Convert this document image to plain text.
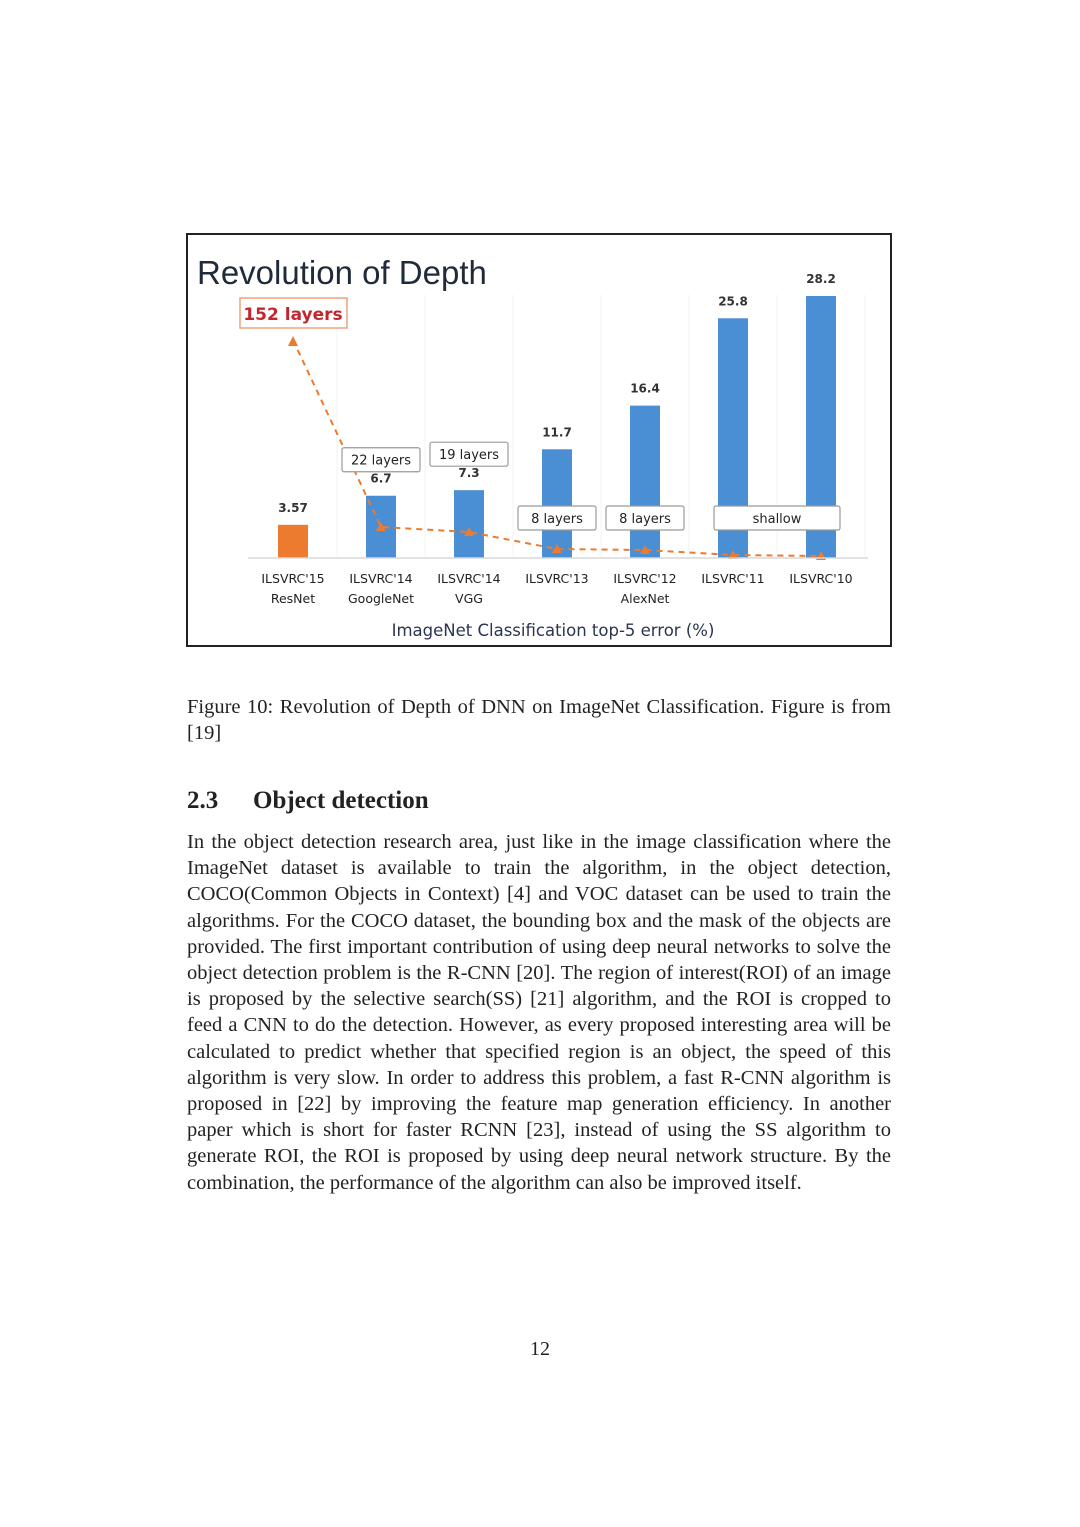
Revolution of Depth
3.57
ILSVRC'15
ResNet
6.7
ILSVRC'14
GoogleNet
7.3
ILSVRC'14
VGG
11.7
ILSVRC'13
16.4
ILSVRC'12
AlexNet
25.8
ILSVRC'11
28.2
ILSVRC'10
22 layers 19 layers
8 layers	8 layers	shallow
152 layers
ImageNet Classification top-5 error (%)

Figure 10: Revolution of Depth of DNN on ImageNet Classification. Figure is from [19]

2.3 Object detection

In the object detection research area, just like in the image classification where the ImageNet dataset is available to train the algorithm, in the object detection, COCO(Common Objects in Context) [4] and VOC dataset can be used to train the algorithms. For the COCO dataset, the bounding box and the mask of the objects are provided. The first important contribution of using deep neural networks to solve the object detection problem is the R-CNN [20]. The region of interest(ROI) of an image is proposed by the selective search(SS) [21] algorithm, and the ROI is cropped to feed a CNN to do the detection. However, as every proposed interesting area will be calculated to predict whether that specified region is an object, the speed of this algorithm is very slow. In order to address this problem, a fast R-CNN algorithm is proposed in [22] by improving the feature map generation efficiency. In another paper which is short for faster RCNN [23], instead of using the SS algorithm to generate ROI, the ROI is proposed by using deep neural network structure. By the combination, the performance of the algorithm can also be improved itself.

12
